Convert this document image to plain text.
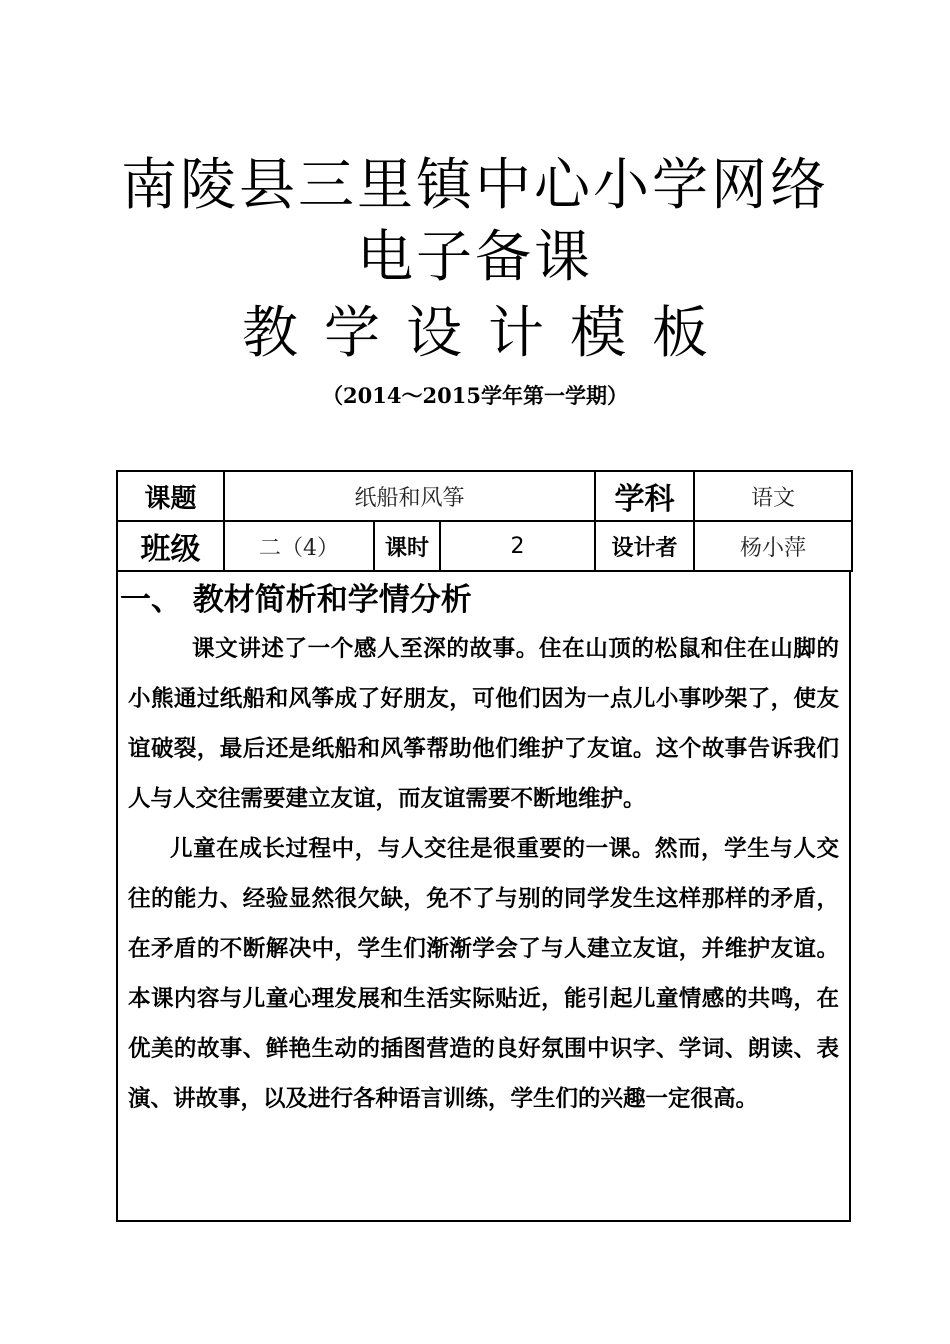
南陵县三里镇中心小学网络
电子备课
教学设计模板
（2014～2015学年第一学期）
课题	纸船和风筝			学科	语文
班级	二（4）	课时	2	设计者	杨小萍
一、 教材简析和学情分析

课文讲述了一个感人至深的故事。住在山顶的松鼠和住在山脚的小熊通过纸船和风筝成了好朋友，可他们因为一点儿小事吵架了，使友谊破裂，最后还是纸船和风筝帮助他们维护了友谊。这个故事告诉我们人与人交往需要建立友谊，而友谊需要不断地维护。

儿童在成长过程中，与人交往是很重要的一课。然而，学生与人交往的能力、经验显然很欠缺，免不了与别的同学发生这样那样的矛盾，在矛盾的不断解决中，学生们渐渐学会了与人建立友谊，并维护友谊。本课内容与儿童心理发展和生活实际贴近，能引起儿童情感的共鸣，在优美的故事、鲜艳生动的插图营造的良好氛围中识字、学词、朗读、表演、讲故事，以及进行各种语言训练，学生们的兴趣一定很高。
